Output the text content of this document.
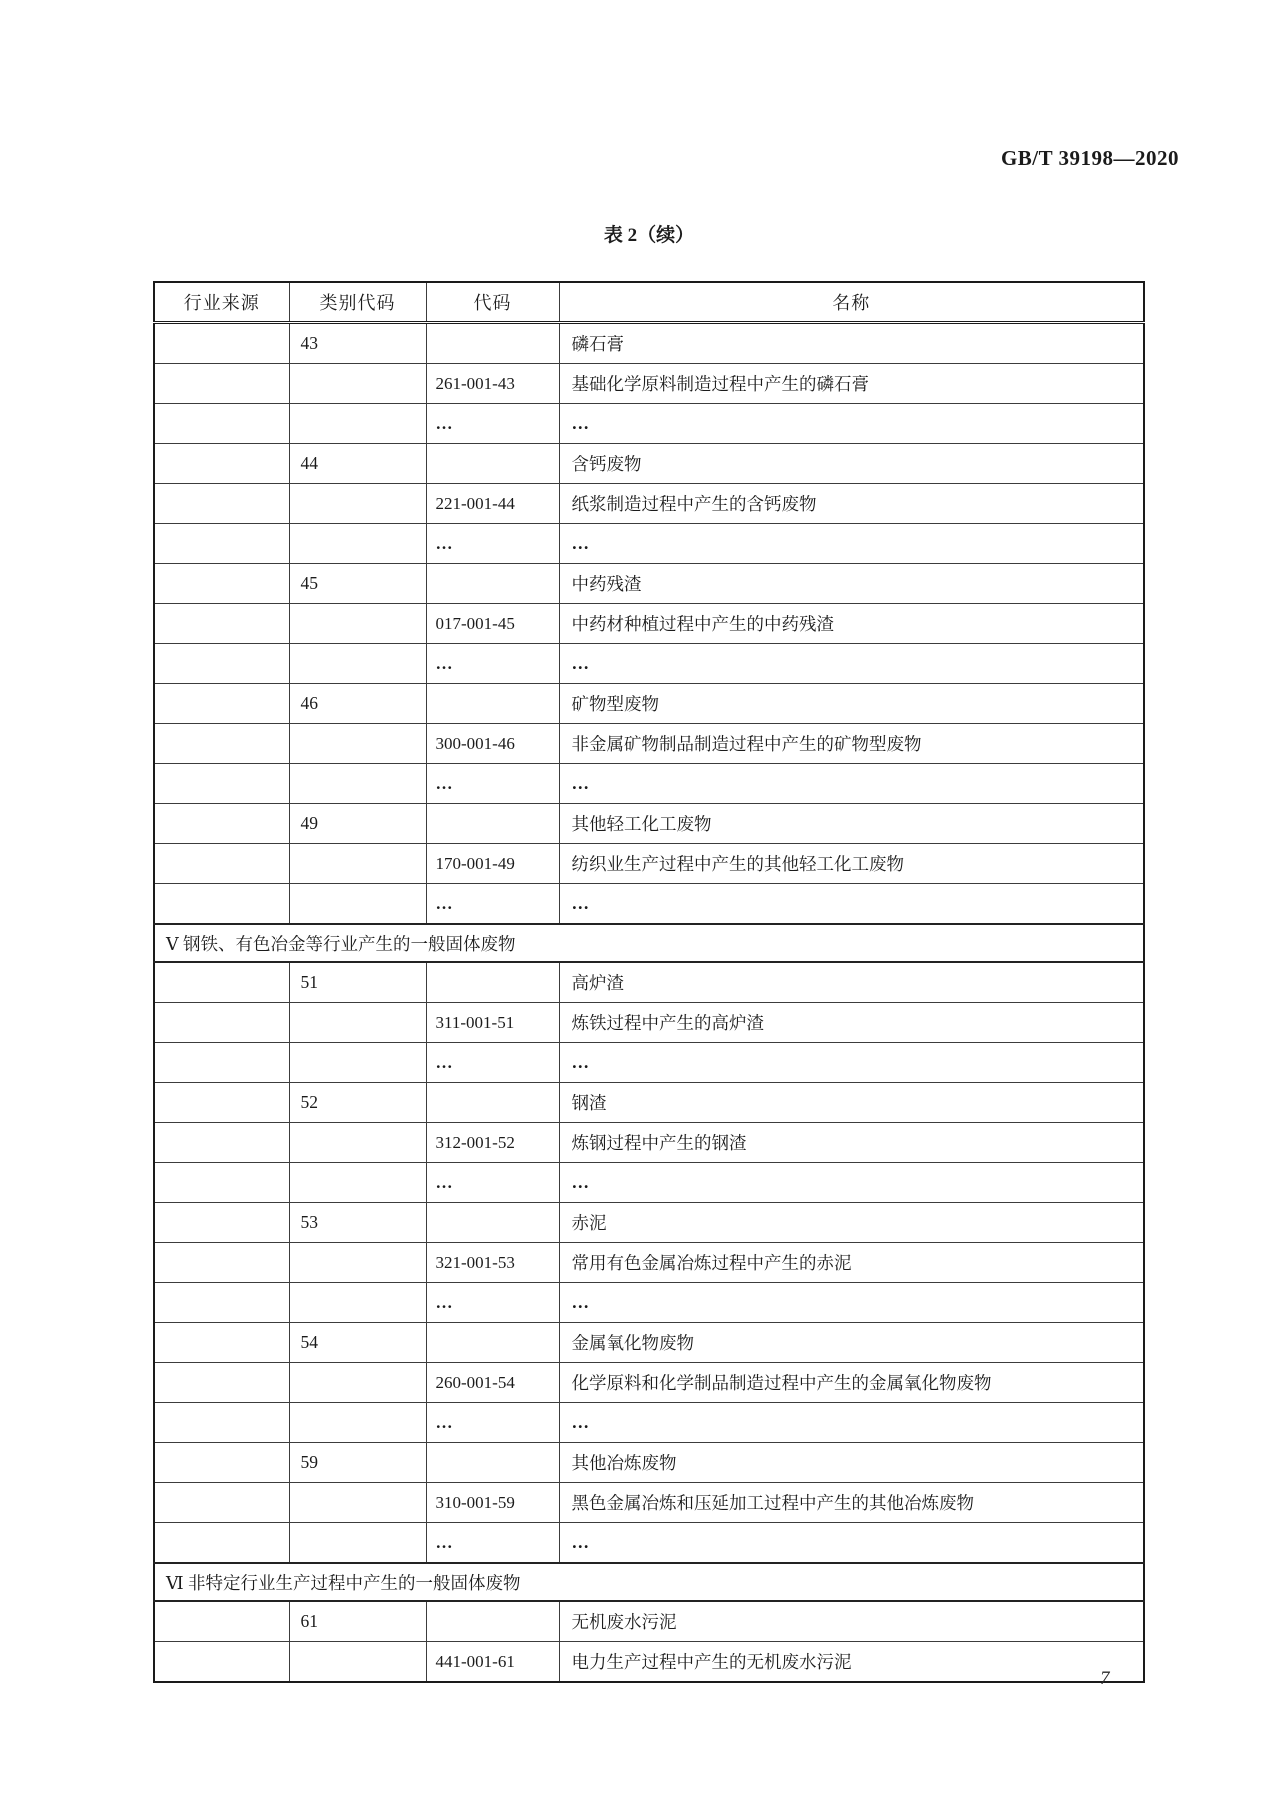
GB/T 39198—2020
表 2（续）
行业来源	类别代码	代码	名称
	43		磷石膏
		261-001-43	基础化学原料制造过程中产生的磷石膏
		…	…
	44		含钙废物
		221-001-44	纸浆制造过程中产生的含钙废物
		…	…
	45		中药残渣
		017-001-45	中药材种植过程中产生的中药残渣
		…	…
	46		矿物型废物
		300-001-46	非金属矿物制品制造过程中产生的矿物型废物
		…	…
	49		其他轻工化工废物
		170-001-49	纺织业生产过程中产生的其他轻工化工废物
		…	…
Ⅴ 钢铁、有色冶金等行业产生的一般固体废物			
	51		高炉渣
		311-001-51	炼铁过程中产生的高炉渣
		…	…
	52		钢渣
		312-001-52	炼钢过程中产生的钢渣
		…	…
	53		赤泥
		321-001-53	常用有色金属冶炼过程中产生的赤泥
		…	…
	54		金属氧化物废物
		260-001-54	化学原料和化学制品制造过程中产生的金属氧化物废物
		…	…
	59		其他冶炼废物
		310-001-59	黑色金属冶炼和压延加工过程中产生的其他冶炼废物
		…	…
Ⅵ 非特定行业生产过程中产生的一般固体废物			
	61		无机废水污泥
		441-001-61	电力生产过程中产生的无机废水污泥
7
